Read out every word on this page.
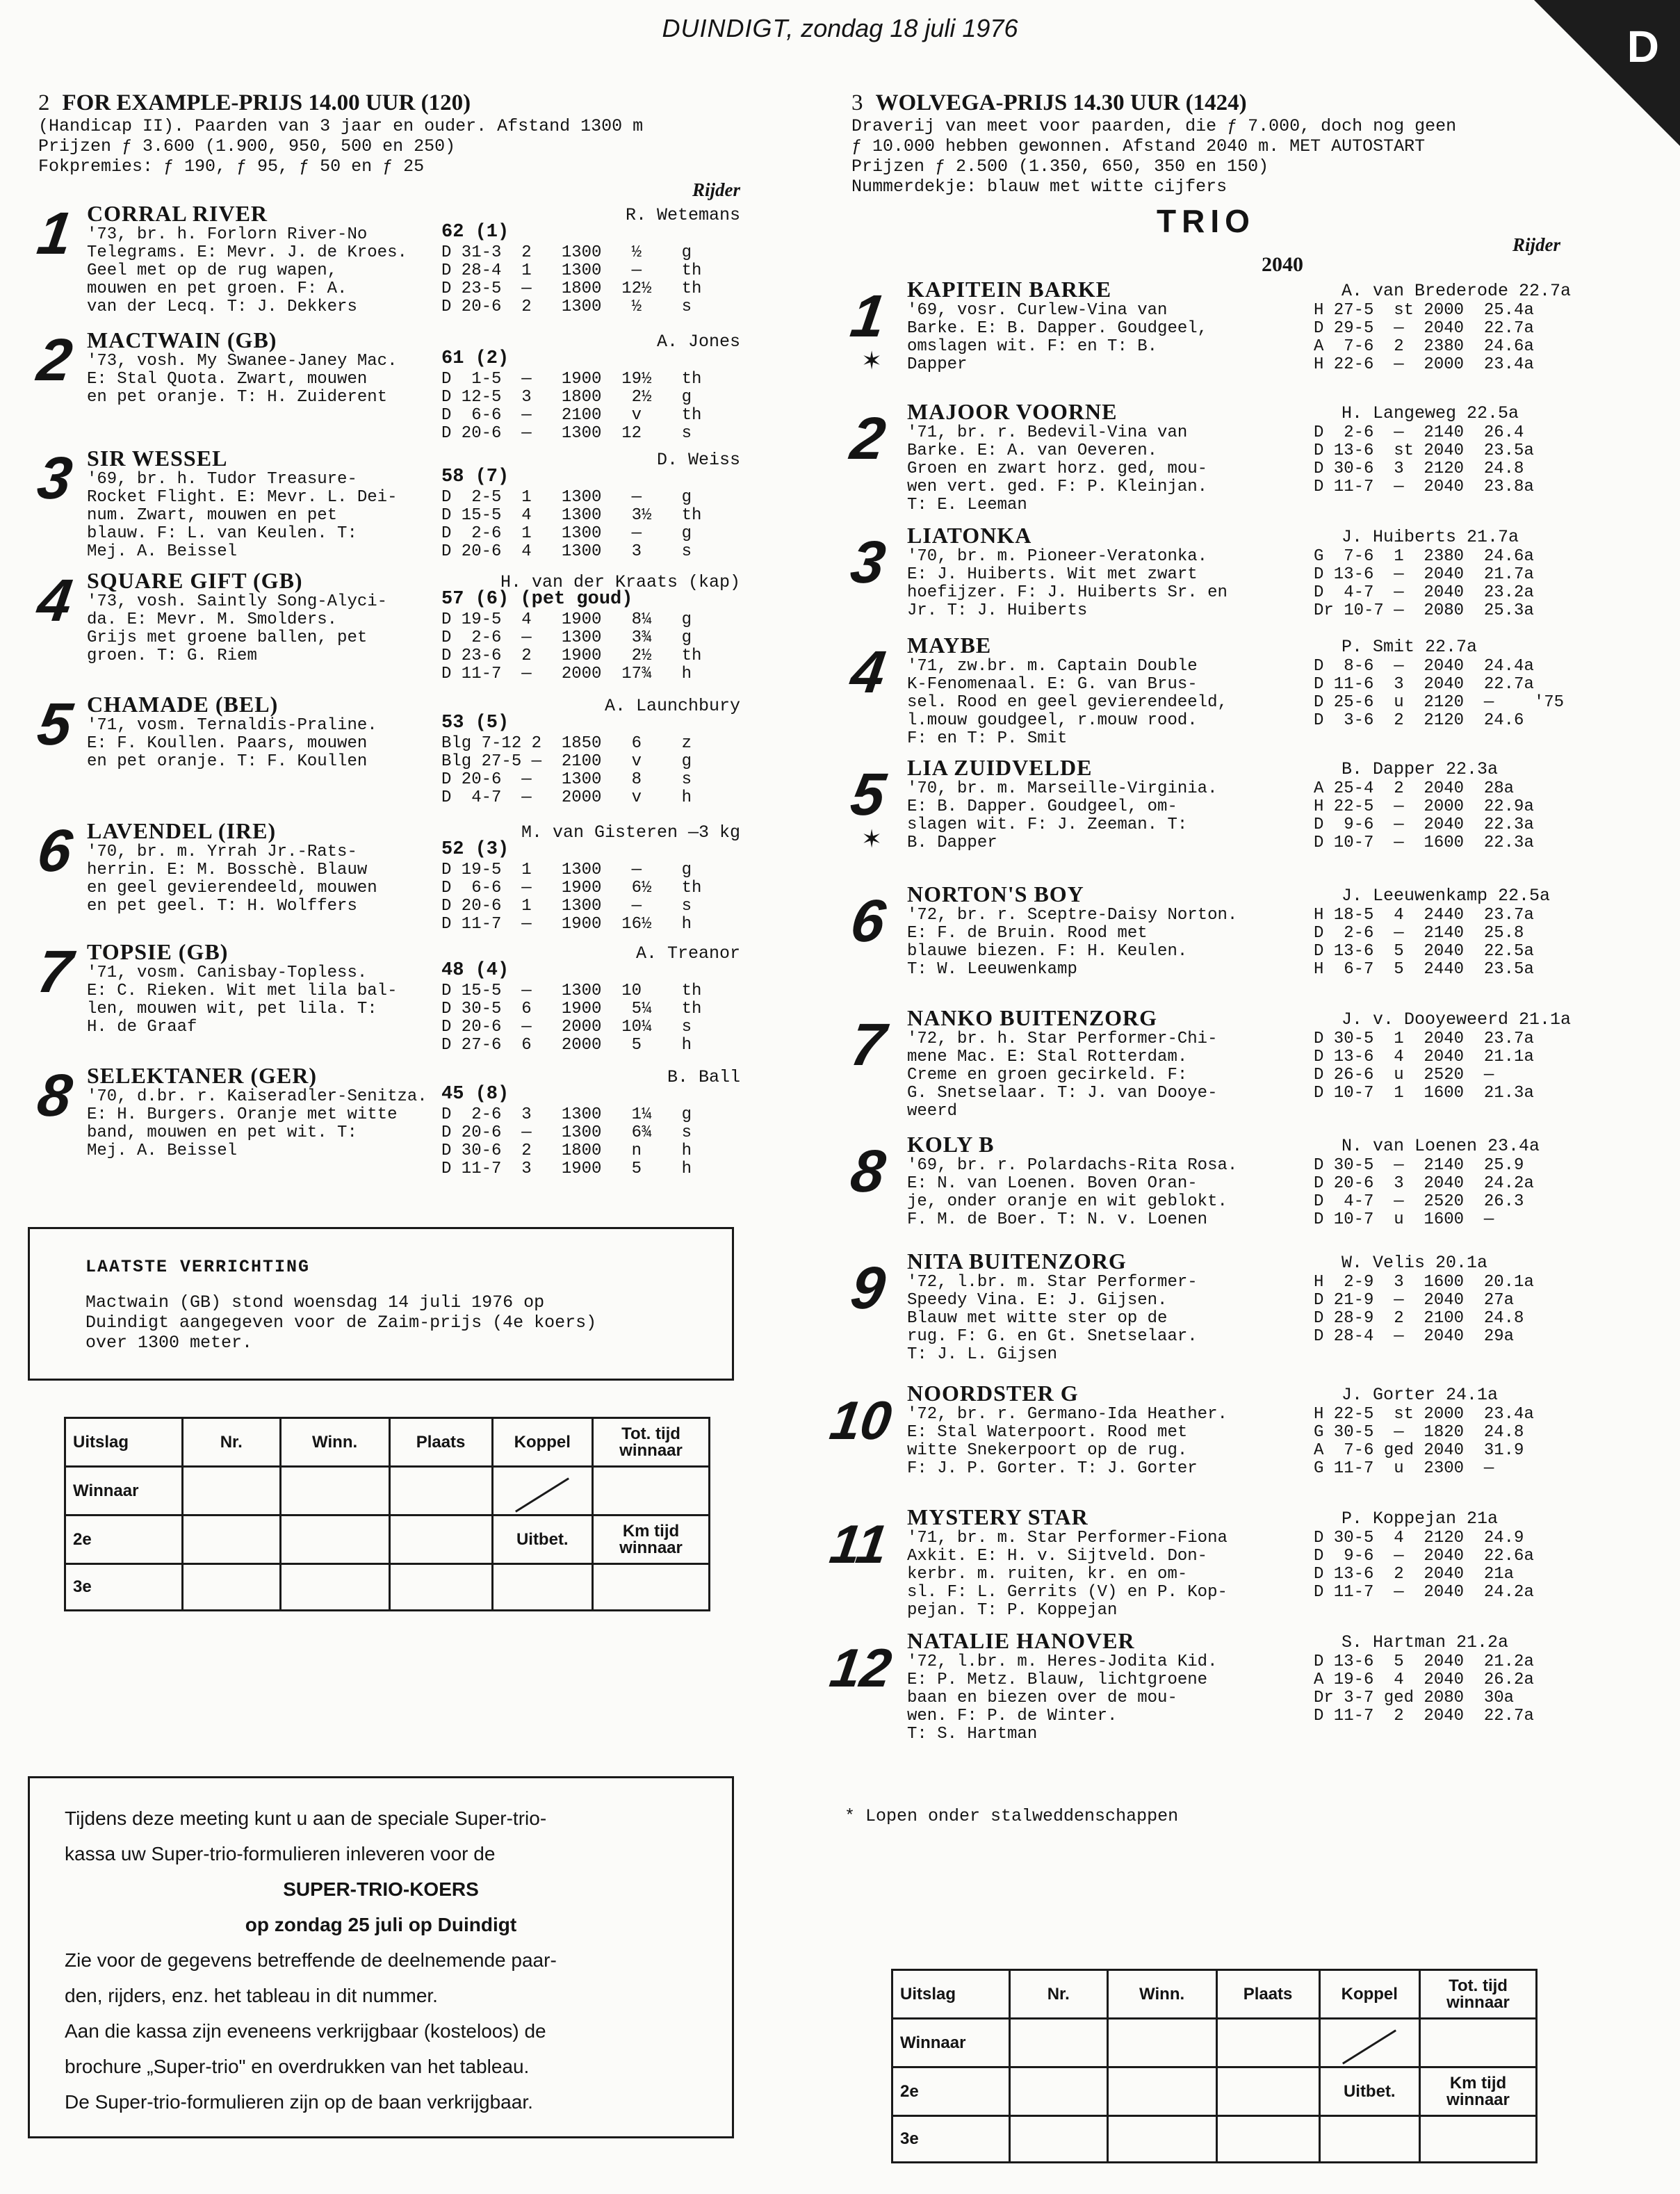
D
DUINDIGT, zondag 18 juli 1976
2 FOR EXAMPLE-PRIJS 14.00 UUR (120)
(Handicap II). Paarden van 3 jaar en ouder. Afstand 1300 m
Prijzen ƒ 3.600 (1.900, 950, 500 en 250)
Fokpremies: ƒ 190, ƒ 95, ƒ 50 en ƒ 25
Rijder
1 CORRAL RIVER	R. Wetemans
62 (1)
'73, br. h. Forlorn River-No
Telegrams. E: Mevr. J. de Kroes.
Geel met op de rug wapen,
mouwen en pet groen. F: A.
van der Lecq. T: J. Dekkers
D 31-3  2   1300   ½    g
D 28-4  1   1300   —    th
D 23-5  —   1800  12½   th
D 20-6  2   1300   ½    s
2 MACTWAIN (GB)	A. Jones
61 (2)
'73, vosh. My Swanee-Janey Mac.
E: Stal Quota. Zwart, mouwen
en pet oranje. T: H. Zuiderent
D  1-5  —   1900  19½   th
D 12-5  3   1800   2½   g
D  6-6  —   2100   v    th
D 20-6  —   1300  12    s
3 SIR WESSEL	D. Weiss
58 (7)
'69, br. h. Tudor Treasure-
Rocket Flight. E: Mevr. L. Dei-
num. Zwart, mouwen en pet
blauw. F: L. van Keulen. T:
Mej. A. Beissel
D  2-5  1   1300   —    g
D 15-5  4   1300   3½   th
D  2-6  1   1300   —    g
D 20-6  4   1300   3    s
4 SQUARE GIFT (GB)	H. van der Kraats (kap)
57 (6) (pet goud)
'73, vosh. Saintly Song-Alyci-
da. E: Mevr. M. Smolders.
Grijs met groene ballen, pet
groen. T: G. Riem
D 19-5  4   1900   8¼   g
D  2-6  —   1300   3¾   g
D 23-6  2   1900   2½   th
D 11-7  —   2000  17¾   h
5 CHAMADE (BEL)	A. Launchbury
53 (5)
'71, vosm. Ternaldis-Praline.
E: F. Koullen. Paars, mouwen
en pet oranje. T: F. Koullen
Blg 7-12 2  1850   6    z
Blg 27-5 —  2100   v    g
D 20-6  —   1300   8    s
D  4-7  —   2000   v    h
6 LAVENDEL (IRE)	M. van Gisteren —3 kg
52 (3)
'70, br. m. Yrrah Jr.-Rats-
herrin. E: M. Bosschè. Blauw
en geel gevierendeeld, mouwen
en pet geel. T: H. Wolffers
D 19-5  1   1300   —    g
D  6-6  —   1900   6½   th
D 20-6  1   1300   —    s
D 11-7  —   1900  16½   h
7 TOPSIE (GB)	A. Treanor
48 (4)
'71, vosm. Canisbay-Topless.
E: C. Rieken. Wit met lila bal-
len, mouwen wit, pet lila. T:
H. de Graaf
D 15-5  —   1300  10    th
D 30-5  6   1900   5¼   th
D 20-6  —   2000  10¼   s
D 27-6  6   2000   5    h
8 SELEKTANER (GER)	B. Ball
45 (8)
'70, d.br. r. Kaiseradler-Senitza.
E: H. Burgers. Oranje met witte
band, mouwen en pet wit. T:
Mej. A. Beissel
D  2-6  3   1300   1¼   g
D 20-6  —   1300   6¾   s
D 30-6  2   1800   n    h
D 11-7  3   1900   5    h
LAATSTE VERRICHTING

Mactwain (GB) stond woensdag 14 juli 1976 op
Duindigt aangegeven voor de Zaim-prijs (4e koers)
over 1300 meter.

Uitslag	Nr.	Winn.	Plaats	Koppel	Tot. tijd winnaar
Winnaar					
2e				Uitbet.	Km tijd winnaar
3e					

Tijdens deze meeting kunt u aan de speciale Super-trio-

kassa uw Super-trio-formulieren inleveren voor de

SUPER-TRIO-KOERS

op zondag 25 juli op Duindigt

Zie voor de gegevens betreffende de deelnemende paar-

den, rijders, enz. het tableau in dit nummer.

Aan die kassa zijn eveneens verkrijgbaar (kosteloos) de

brochure „Super-trio" en overdrukken van het tableau.

De Super-trio-formulieren zijn op de baan verkrijgbaar.

3 WOLVEGA-PRIJS 14.30 UUR (1424)
Draverij van meet voor paarden, die ƒ 7.000, doch nog geen
ƒ 10.000 hebben gewonnen. Afstand 2040 m. MET AUTOSTART
Prijzen ƒ 2.500 (1.350, 650, 350 en 150)
Nummerdekje: blauw met witte cijfers
TRIO
Rijder
2040
1
✶
KAPITEIN BARKE	A. van Brederode 22.7a
'69, vosr. Curlew-Vina van
Barke. E: B. Dapper. Goudgeel,
omslagen wit. F: en T: B.
Dapper
H 27-5  st 2000  25.4a
D 29-5  —  2040  22.7a
A  7-6  2  2380  24.6a
H 22-6  —  2000  23.4a
2 MAJOOR VOORNE	H. Langeweg 22.5a
'71, br. r. Bedevil-Vina van
Barke. E: A. van Oeveren.
Groen en zwart horz. ged, mou-
wen vert. ged. F: P. Kleinjan.
T: E. Leeman
D  2-6  —  2140  26.4
D 13-6  st 2040  23.5a
D 30-6  3  2120  24.8
D 11-7  —  2040  23.8a
3 LIATONKA	J. Huiberts 21.7a
'70, br. m. Pioneer-Veratonka.
E: J. Huiberts. Wit met zwart
hoefijzer. F: J. Huiberts Sr. en
Jr. T: J. Huiberts
G  7-6  1  2380  24.6a
D 13-6  —  2040  21.7a
D  4-7  —  2040  23.2a
Dr 10-7 —  2080  25.3a
4 MAYBE	P. Smit 22.7a
'71, zw.br. m. Captain Double
K-Fenomenaal. E: G. van Brus-
sel. Rood en geel gevierendeeld,
l.mouw goudgeel, r.mouw rood.
F: en T: P. Smit
D  8-6  —  2040  24.4a
D 11-6  3  2040  22.7a
D 25-6  u  2120  —    '75
D  3-6  2  2120  24.6
5
✶
LIA ZUIDVELDE	B. Dapper 22.3a
'70, br. m. Marseille-Virginia.
E: B. Dapper. Goudgeel, om-
slagen wit. F: J. Zeeman. T:
B. Dapper
A 25-4  2  2040  28a
H 22-5  —  2000  22.9a
D  9-6  —  2040  22.3a
D 10-7  —  1600  22.3a
6 NORTON'S BOY	J. Leeuwenkamp 22.5a
'72, br. r. Sceptre-Daisy Norton.
E: F. de Bruin. Rood met
blauwe biezen. F: H. Keulen.
T: W. Leeuwenkamp
H 18-5  4  2440  23.7a
D  2-6  —  2140  25.8
D 13-6  5  2040  22.5a
H  6-7  5  2440  23.5a
7 NANKO BUITENZORG	J. v. Dooyeweerd 21.1a
'72, br. h. Star Performer-Chi-
mene Mac. E: Stal Rotterdam.
Creme en groen gecirkeld. F:
G. Snetselaar. T: J. van Dooye-
weerd
D 30-5  1  2040  23.7a
D 13-6  4  2040  21.1a
D 26-6  u  2520  —
D 10-7  1  1600  21.3a
8 KOLY B	N. van Loenen 23.4a
'69, br. r. Polardachs-Rita Rosa.
E: N. van Loenen. Boven Oran-
je, onder oranje en wit geblokt.
F. M. de Boer. T: N. v. Loenen
D 30-5  —  2140  25.9
D 20-6  3  2040  24.2a
D  4-7  —  2520  26.3
D 10-7  u  1600  —
9 NITA BUITENZORG	W. Velis 20.1a
'72, l.br. m. Star Performer-
Speedy Vina. E: J. Gijsen.
Blauw met witte ster op de
rug. F: G. en Gt. Snetselaar.
T: J. L. Gijsen
H  2-9  3  1600  20.1a
D 21-9  —  2040  27a
D 28-9  2  2100  24.8
D 28-4  —  2040  29a
10 NOORDSTER G	J. Gorter 24.1a
'72, br. r. Germano-Ida Heather.
E: Stal Waterpoort. Rood met
witte Snekerpoort op de rug.
F: J. P. Gorter. T: J. Gorter
H 22-5  st 2000  23.4a
G 30-5  —  1820  24.8
A  7-6 ged 2040  31.9
G 11-7  u  2300  —
11 MYSTERY STAR	P. Koppejan 21a
'71, br. m. Star Performer-Fiona
Axkit. E: H. v. Sijtveld. Don-
kerbr. m. ruiten, kr. en om-
sl. F: L. Gerrits (V) en P. Kop-
pejan. T: P. Koppejan
D 30-5  4  2120  24.9
D  9-6  —  2040  22.6a
D 13-6  2  2040  21a
D 11-7  —  2040  24.2a
12 NATALIE HANOVER	S. Hartman 21.2a
'72, l.br. m. Heres-Jodita Kid.
E: P. Metz. Blauw, lichtgroene
baan en biezen over de mou-
wen. F: P. de Winter.
T: S. Hartman
D 13-6  5  2040  21.2a
A 19-6  4  2040  26.2a
Dr 3-7 ged 2080  30a
D 11-7  2  2040  22.7a
* Lopen onder stalweddenschappen
Uitslag	Nr.	Winn.	Plaats	Koppel	Tot. tijd winnaar
Winnaar					
2e				Uitbet.	Km tijd winnaar
3e					
